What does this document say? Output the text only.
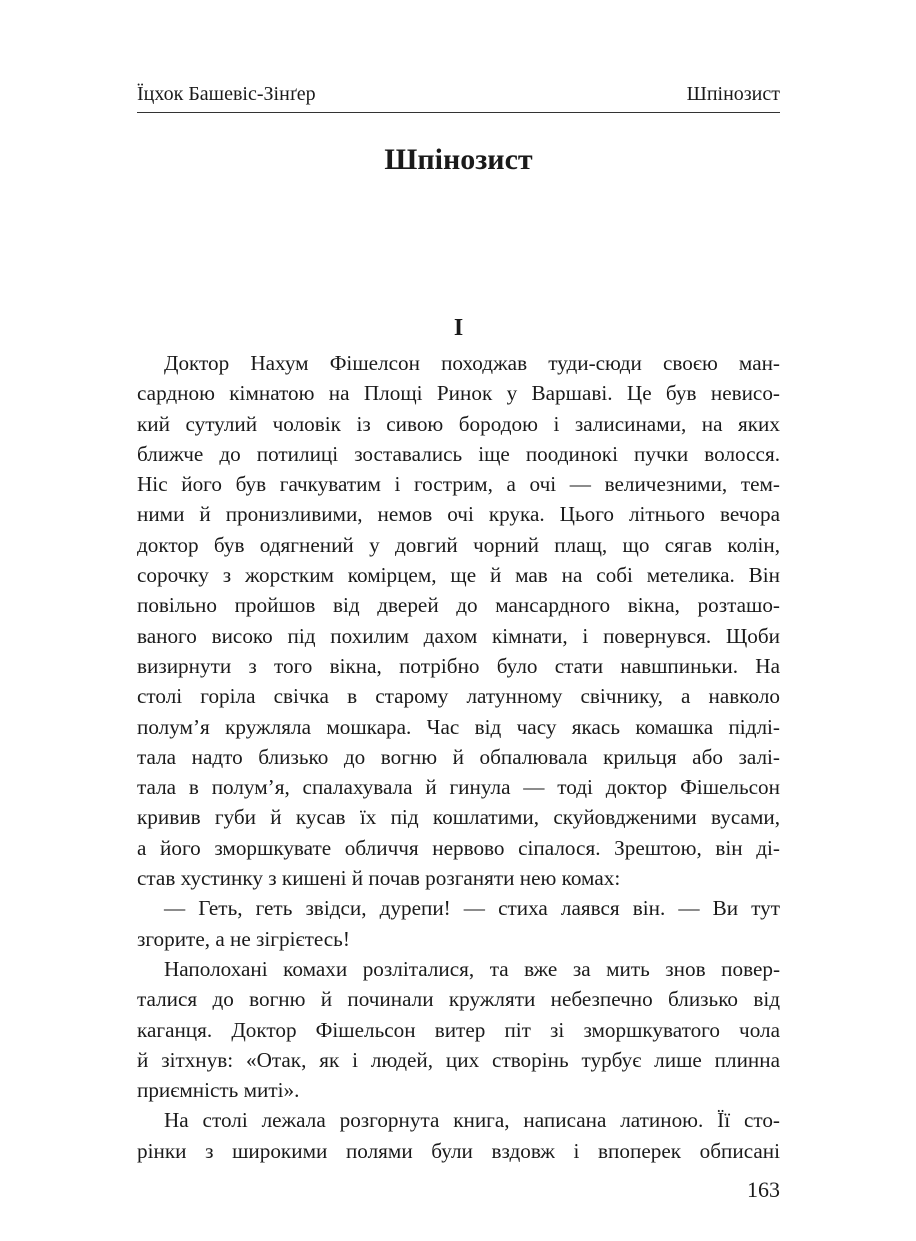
Їцхок Башевіс-Зінґер	Шпінозист
Шпінозист
I
Доктор Нахум Фішелсон походжав туди-сюди своєю ман-
сардною кімнатою на Площі Ринок у Варшаві. Це був невисо-
кий сутулий чоловік із сивою бородою і залисинами, на яких
ближче до потилиці зоставались іще поодинокі пучки волосся.
Ніс його був гачкуватим і гострим, а очі — величезними, тем-
ними й пронизливими, немов очі крука. Цього літнього вечора
доктор був одягнений у довгий чорний плащ, що сягав колін,
сорочку з жорстким комірцем, ще й мав на собі метелика. Він
повільно пройшов від дверей до мансардного вікна, розташо-
ваного високо під похилим дахом кімнати, і повернувся. Щоби
визирнути з того вікна, потрібно було стати навшпиньки. На
столі горіла свічка в старому латунному свічнику, а навколо
полум’я кружляла мошкара. Час від часу якась комашка підлі-
тала надто близько до вогню й обпалювала крильця або залі-
тала в полум’я, спалахувала й гинула — тоді доктор Фішельсон
кривив губи й кусав їх під кошлатими, скуйовдженими вусами,
а його зморшкувате обличчя нервово сіпалося. Зрештою, він ді-
став хустинку з кишені й почав розганяти нею комах:
— Геть, геть звідси, дурепи! — стиха лаявся він. — Ви тут
згорите, а не зігрієтесь!
Наполохані комахи розліталися, та вже за мить знов повер-
талися до вогню й починали кружляти небезпечно близько від
каганця. Доктор Фішельсон витер піт зі зморшкуватого чола
й зітхнув: «Отак, як і людей, цих створінь турбує лише плинна
приємність миті».
На столі лежала розгорнута книга, написана латиною. Її сто-
рінки з широкими полями були вздовж і впоперек обписані
163
